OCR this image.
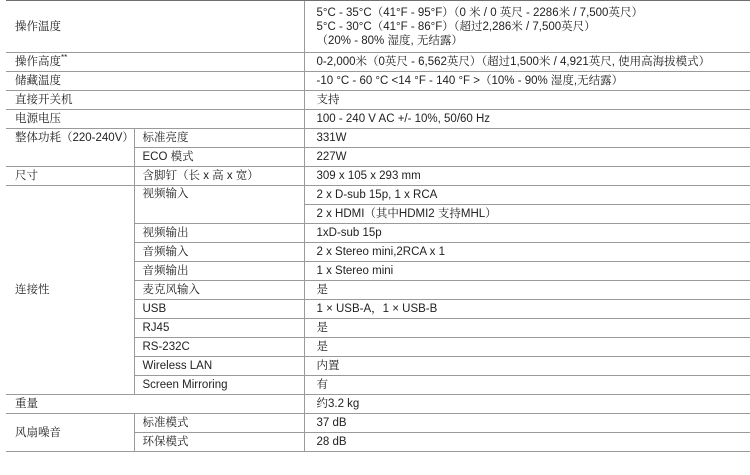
操作温度		5°C - 35°C（41°F - 95°F）（0 米 / 0 英尺 - 2286米 / 7,500英尺）
5°C - 30°C（41°F - 86°F）（超过2,286米 / 7,500英尺）
（20% - 80% 湿度, 无结露）

操作高度**		0-2,000米（0英尺 - 6,562英尺）（超过1,500米 / 4,921英尺, 使用高海拔模式）
储藏温度		-10 °C - 60 °C <14 °F - 140 °F >（10% - 90% 湿度,无结露）
直接开关机		支持
电源电压		100 - 240 V AC +/- 10%, 50/60 Hz
整体功耗（220-240V）	标准亮度	331W
	ECO 模式	227W
尺寸	含脚钉（长 x 高 x 宽）	309 x 105 x 293 mm
连接性	视频输入	2 x D-sub 15p, 1 x RCA
		2 x HDMI（其中HDMI2 支持MHL）
	视频输出	1xD-sub 15p
	音频输入	2 x Stereo mini,2RCA x 1
	音频输出	1 x Stereo mini
	麦克风输入	是
	USB	1 × USB-A，1 × USB-B
	RJ45	是
	RS-232C	是
	Wireless LAN	内置
	Screen Mirroring	有
重量		约3.2 kg
风扇噪音	标准模式	37 dB
	环保模式	28 dB
